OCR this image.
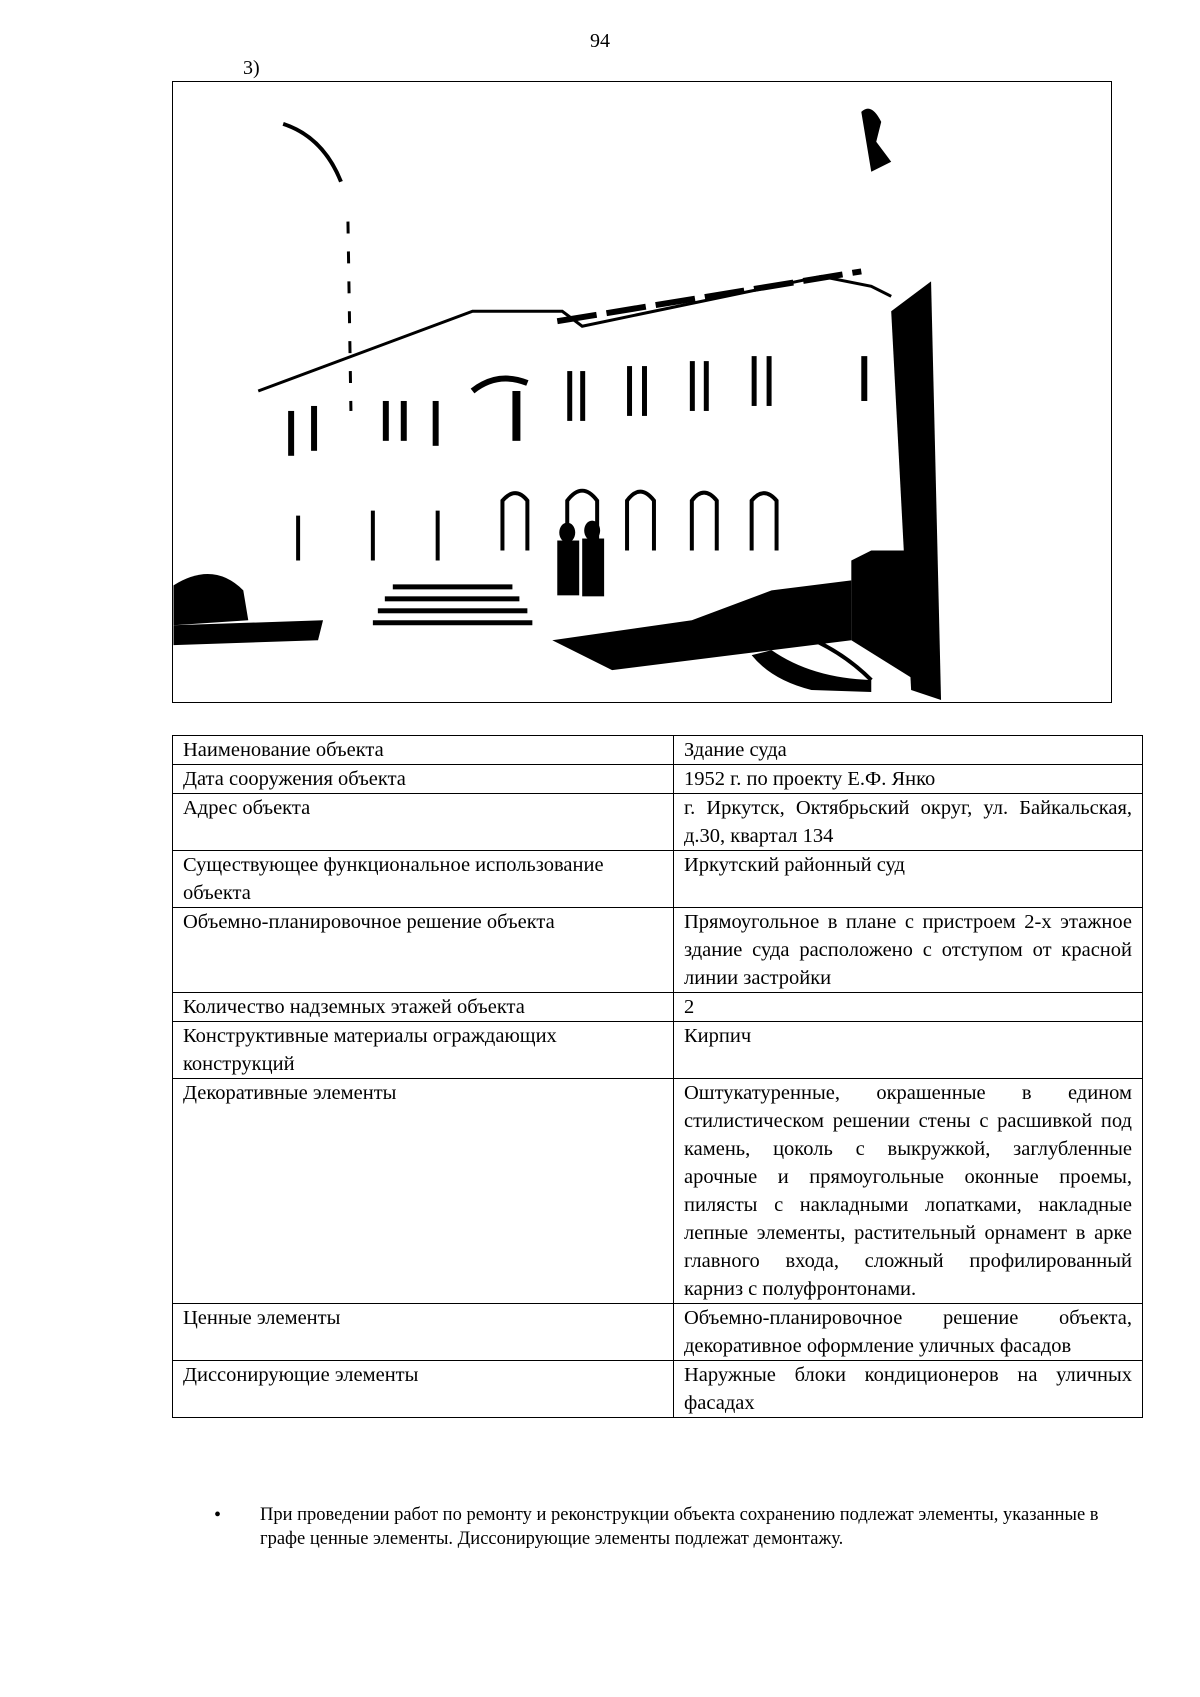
94
3)
Наименование объекта	Здание суда
Дата сооружения объекта	1952 г. по проекту Е.Ф. Янко
Адрес объекта	г. Иркутск, Октябрьский округ, ул. Байкальская, д.30, квартал 134
Существующее функциональное использование объекта	Иркутский районный суд
Объемно-планировочное решение объекта	Прямоугольное в плане с пристроем 2-х этажное здание суда расположено с отступом от красной линии застройки
Количество надземных этажей объекта	2
Конструктивные материалы ограждающих конструкций	Кирпич
Декоративные элементы	Оштукатуренные, окрашенные в едином стилистическом решении стены с расшивкой под камень, цоколь с выкружкой, заглубленные арочные и прямоугольные оконные проемы, пилясты с накладными лопатками, накладные лепные элементы, растительный орнамент в арке главного входа, сложный профилированный карниз с полуфронтонами.
Ценные элементы	Объемно-планировочное решение объекта, декоративное оформление уличных фасадов
Диссонирующие элементы	Наружные блоки кондиционеров на уличных фасадах
•	При проведении работ по ремонту и реконструкции объекта сохранению подлежат элементы, указанные в графе ценные элементы. Диссонирующие элементы подлежат демонтажу.
